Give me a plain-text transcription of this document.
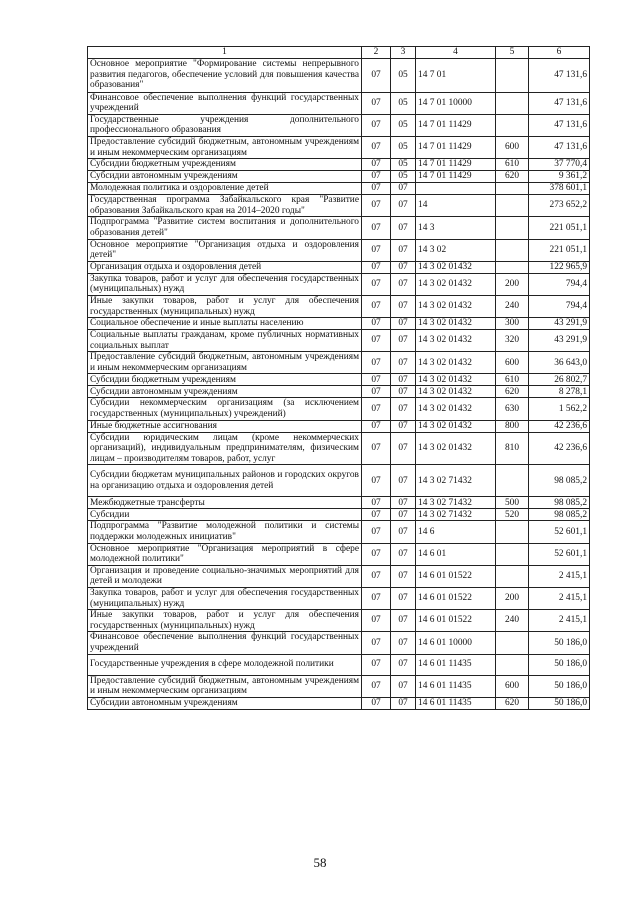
1	2	3	4	5	6
Основное мероприятие "Формирование системы непрерывного развития педагогов, обеспечение условий для повышения качества образования"	07	05	14 7 01		47 131,6
Финансовое обеспечение выполнения функций государственных учреждений	07	05	14 7 01 10000		47 131,6
Государственные учреждения дополнительного профессионального образования	07	05	14 7 01 11429		47 131,6
Предоставление субсидий бюджетным, автономным учреждениям и иным некоммерческим организациям	07	05	14 7 01 11429	600	47 131,6
Субсидии бюджетным учреждениям	07	05	14 7 01 11429	610	37 770,4
Субсидии автономным учреждениям	07	05	14 7 01 11429	620	9 361,2
Молодежная политика и оздоровление детей	07	07			378 601,1
Государственная программа Забайкальского края "Развитие образования Забайкальского края на 2014–2020 годы"	07	07	14		273 652,2
Подпрограмма "Развитие систем воспитания и дополнительного образования детей"	07	07	14 3		221 051,1
Основное мероприятие "Организация отдыха и оздоровления детей"	07	07	14 3 02		221 051,1
Организация отдыха и оздоровления детей	07	07	14 3 02 01432		122 965,9
Закупка товаров, работ и услуг для обеспечения государственных (муниципальных) нужд	07	07	14 3 02 01432	200	794,4
Иные закупки товаров, работ и услуг для обеспечения государственных (муниципальных) нужд	07	07	14 3 02 01432	240	794,4
Социальное обеспечение и иные выплаты населению	07	07	14 3 02 01432	300	43 291,9
Социальные выплаты гражданам, кроме публичных нормативных социальных выплат	07	07	14 3 02 01432	320	43 291,9
Предоставление субсидий бюджетным, автономным учреждениям и иным некоммерческим организациям	07	07	14 3 02 01432	600	36 643,0
Субсидии бюджетным учреждениям	07	07	14 3 02 01432	610	26 802,7
Субсидии автономным учреждениям	07	07	14 3 02 01432	620	8 278,1
Субсидии некоммерческим организациям (за исключением государственных (муниципальных) учреждений)	07	07	14 3 02 01432	630	1 562,2
Иные бюджетные ассигнования	07	07	14 3 02 01432	800	42 236,6
Субсидии юридическим лицам (кроме некоммерческих организаций), индивидуальным предпринимателям, физическим лицам – производителям товаров, работ, услуг	07	07	14 3 02 01432	810	42 236,6
Субсидии бюджетам муниципальных районов и городских округов на организацию отдыха и оздоровления детей	07	07	14 3 02 71432		98 085,2
Межбюджетные трансферты	07	07	14 3 02 71432	500	98 085,2
Субсидии	07	07	14 3 02 71432	520	98 085,2
Подпрограмма "Развитие молодежной политики и системы поддержки молодежных инициатив"	07	07	14 6		52 601,1
Основное мероприятие "Организация мероприятий в сфере молодежной политики"	07	07	14 6 01		52 601,1
Организация и проведение социально-значимых мероприятий для детей и молодежи	07	07	14 6 01 01522		2 415,1
Закупка товаров, работ и услуг для обеспечения государственных (муниципальных) нужд	07	07	14 6 01 01522	200	2 415,1
Иные закупки товаров, работ и услуг для обеспечения государственных (муниципальных) нужд	07	07	14 6 01 01522	240	2 415,1
Финансовое обеспечение выполнения функций государственных учреждений	07	07	14 6 01 10000		50 186,0
Государственные учреждения в сфере молодежной политики	07	07	14 6 01 11435		50 186,0
Предоставление субсидий бюджетным, автономным учреждениям и иным некоммерческим организациям	07	07	14 6 01 11435	600	50 186,0
Субсидии автономным учреждениям	07	07	14 6 01 11435	620	50 186,0
58
